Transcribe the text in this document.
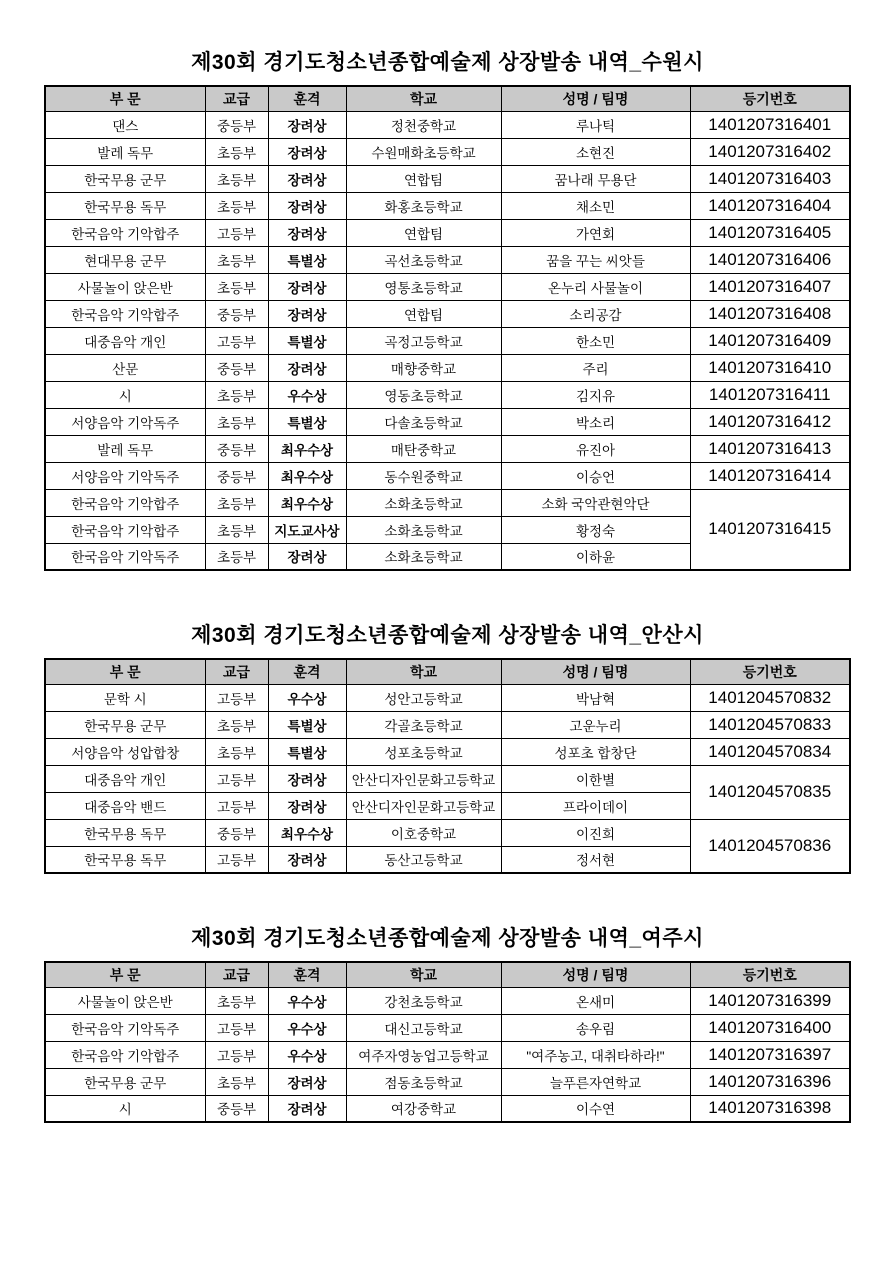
제30회 경기도청소년종합예술제 상장발송 내역_수원시
부 문	교급	훈격	학교	성명 / 팀명	등기번호
댄스	중등부	장려상	정천중학교	루나틱	1401207316401
발레 독무	초등부	장려상	수원매화초등학교	소현진	1401207316402
한국무용 군무	초등부	장려상	연합팀	꿈나래 무용단	1401207316403
한국무용 독무	초등부	장려상	화홍초등학교	채소민	1401207316404
한국음악 기악합주	고등부	장려상	연합팀	가연회	1401207316405
현대무용 군무	초등부	특별상	곡선초등학교	꿈을 꾸는 씨앗들	1401207316406
사물놀이 앉은반	초등부	장려상	영통초등학교	온누리 사물놀이	1401207316407
한국음악 기악합주	중등부	장려상	연합팀	소리공감	1401207316408
대중음악 개인	고등부	특별상	곡정고등학교	한소민	1401207316409
산문	중등부	장려상	매향중학교	주리	1401207316410
시	초등부	우수상	영동초등학교	김지유	1401207316411
서양음악 기악독주	초등부	특별상	다솔초등학교	박소리	1401207316412
발레 독무	중등부	최우수상	매탄중학교	유진아	1401207316413
서양음악 기악독주	중등부	최우수상	동수원중학교	이승언	1401207316414
한국음악 기악합주	초등부	최우수상	소화초등학교	소화 국악관현악단	1401207316415
한국음악 기악합주	초등부	지도교사상	소화초등학교	황정숙	
한국음악 기악독주	초등부	장려상	소화초등학교	이하윤	
제30회 경기도청소년종합예술제 상장발송 내역_안산시
부 문	교급	훈격	학교	성명 / 팀명	등기번호
문학 시	고등부	우수상	성안고등학교	박남혁	1401204570832
한국무용 군무	초등부	특별상	각골초등학교	고운누리	1401204570833
서양음악 성압합창	초등부	특별상	성포초등학교	성포초 합창단	1401204570834
대중음악 개인	고등부	장려상	안산디자인문화고등학교	이한별	1401204570835
대중음악 밴드	고등부	장려상	안산디자인문화고등학교	프라이데이	
한국무용 독무	중등부	최우수상	이호중학교	이진희	1401204570836
한국무용 독무	고등부	장려상	동산고등학교	정서현	
제30회 경기도청소년종합예술제 상장발송 내역_여주시
부 문	교급	훈격	학교	성명 / 팀명	등기번호
사물놀이 앉은반	초등부	우수상	강천초등학교	온새미	1401207316399
한국음악 기악독주	고등부	우수상	대신고등학교	송우림	1401207316400
한국음악 기악합주	고등부	우수상	여주자영농업고등학교	"여주농고, 대취타하라!"	1401207316397
한국무용 군무	초등부	장려상	점동초등학교	늘푸른자연학교	1401207316396
시	중등부	장려상	여강중학교	이수연	1401207316398
